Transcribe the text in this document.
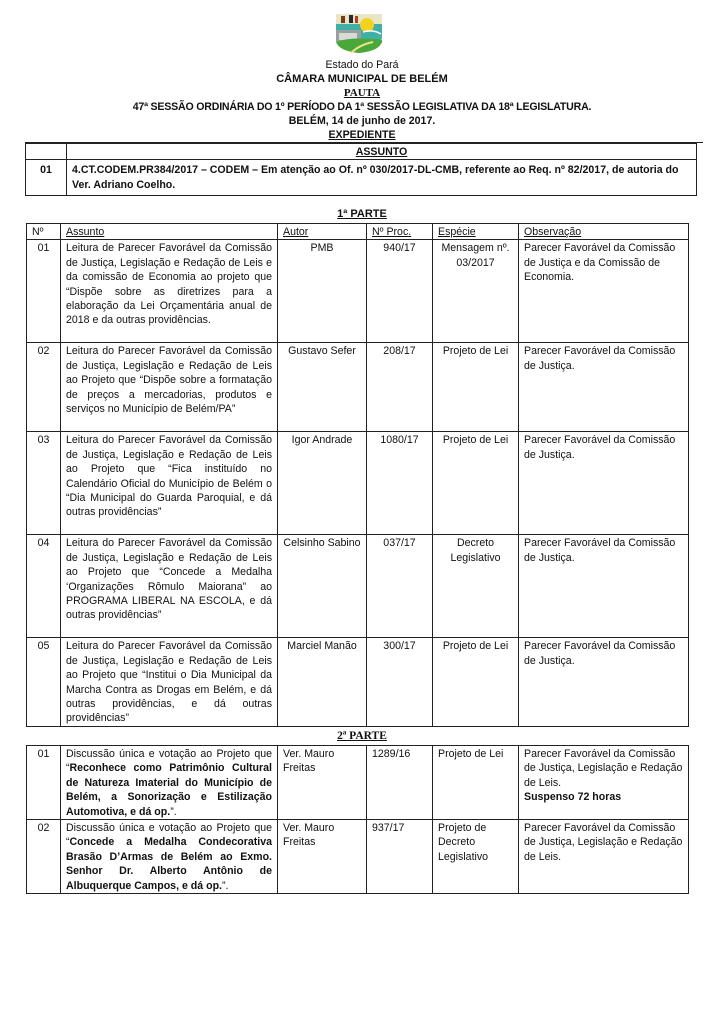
Estado do Pará
CÂMARA MUNICIPAL DE BELÉM
PAUTA
47ª SESSÃO ORDINÁRIA DO 1º PERÍODO DA 1ª SESSÃO LEGISLATIVA DA 18ª LEGISLATURA.
BELÉM, 14 de junho de 2017.
EXPEDIENTE
	ASSUNTO
01	4.CT.CODEM.PR384/2017 – CODEM – Em atenção ao Of. nº 030/2017-DL-CMB, referente ao Req. nº 82/2017, de autoria do Ver. Adriano Coelho.
1ª PARTE
Nº	Assunto	Autor	Nº Proc.	Espécie	Observação
01	Leitura de Parecer Favorável da Comissão de Justiça, Legislação e Redação de Leis e da comissão de Economia ao projeto que “Dispõe sobre as diretrizes para a elaboração da Lei Orçamentária anual de 2018 e da outras providências.	PMB	940/17	Mensagem nº. 03/2017	Parecer Favorável da Comissão de Justiça e da Comissão de Economia.
02	Leitura do Parecer Favorável da Comissão de Justiça, Legislação e Redação de Leis ao Projeto que “Dispõe sobre a formatação de preços a mercadorias, produtos e serviços no Município de Belém/PA”	Gustavo Sefer	208/17	Projeto de Lei	Parecer Favorável da Comissão de Justiça.
03	Leitura do Parecer Favorável da Comissão de Justiça, Legislação e Redação de Leis ao Projeto que “Fica instituído no Calendário Oficial do Município de Belém o “Dia Municipal do Guarda Paroquial, e dá outras providências”	Igor Andrade	1080/17	Projeto de Lei	Parecer Favorável da Comissão de Justiça.
04	Leitura do Parecer Favorável da Comissão de Justiça, Legislação e Redação de Leis ao Projeto que “Concede a Medalha ‘Organizações Rômulo Maiorana” ao PROGRAMA LIBERAL NA ESCOLA, e dá outras providências”	Celsinho Sabino	037/17	Decreto Legislativo	Parecer Favorável da Comissão de Justiça.
05	Leitura do Parecer Favorável da Comissão de Justiça, Legislação e Redação de Leis ao Projeto que “Institui o Dia Municipal da Marcha Contra as Drogas em Belém, e dá outras providências, e dá outras providências”	Marciel Manão	300/17	Projeto de Lei	Parecer Favorável da Comissão de Justiça.
2ª PARTE
01	Discussão única e votação ao Projeto que “Reconhece como Patrimônio Cultural de Natureza Imaterial do Município de Belém, a Sonorização e Estilização Automotiva, e dá op.”.	Ver. Mauro Freitas	1289/16	Projeto de Lei	Parecer Favorável da Comissão de Justiça, Legislação e Redação de Leis.
Suspenso 72 horas
02	Discussão única e votação ao Projeto que “Concede a Medalha Condecorativa Brasão D’Armas de Belém ao Exmo. Senhor Dr. Alberto Antônio de Albuquerque Campos, e dá op.”.	Ver. Mauro Freitas	937/17	Projeto de Decreto Legislativo	Parecer Favorável da Comissão de Justiça, Legislação e Redação de Leis.
